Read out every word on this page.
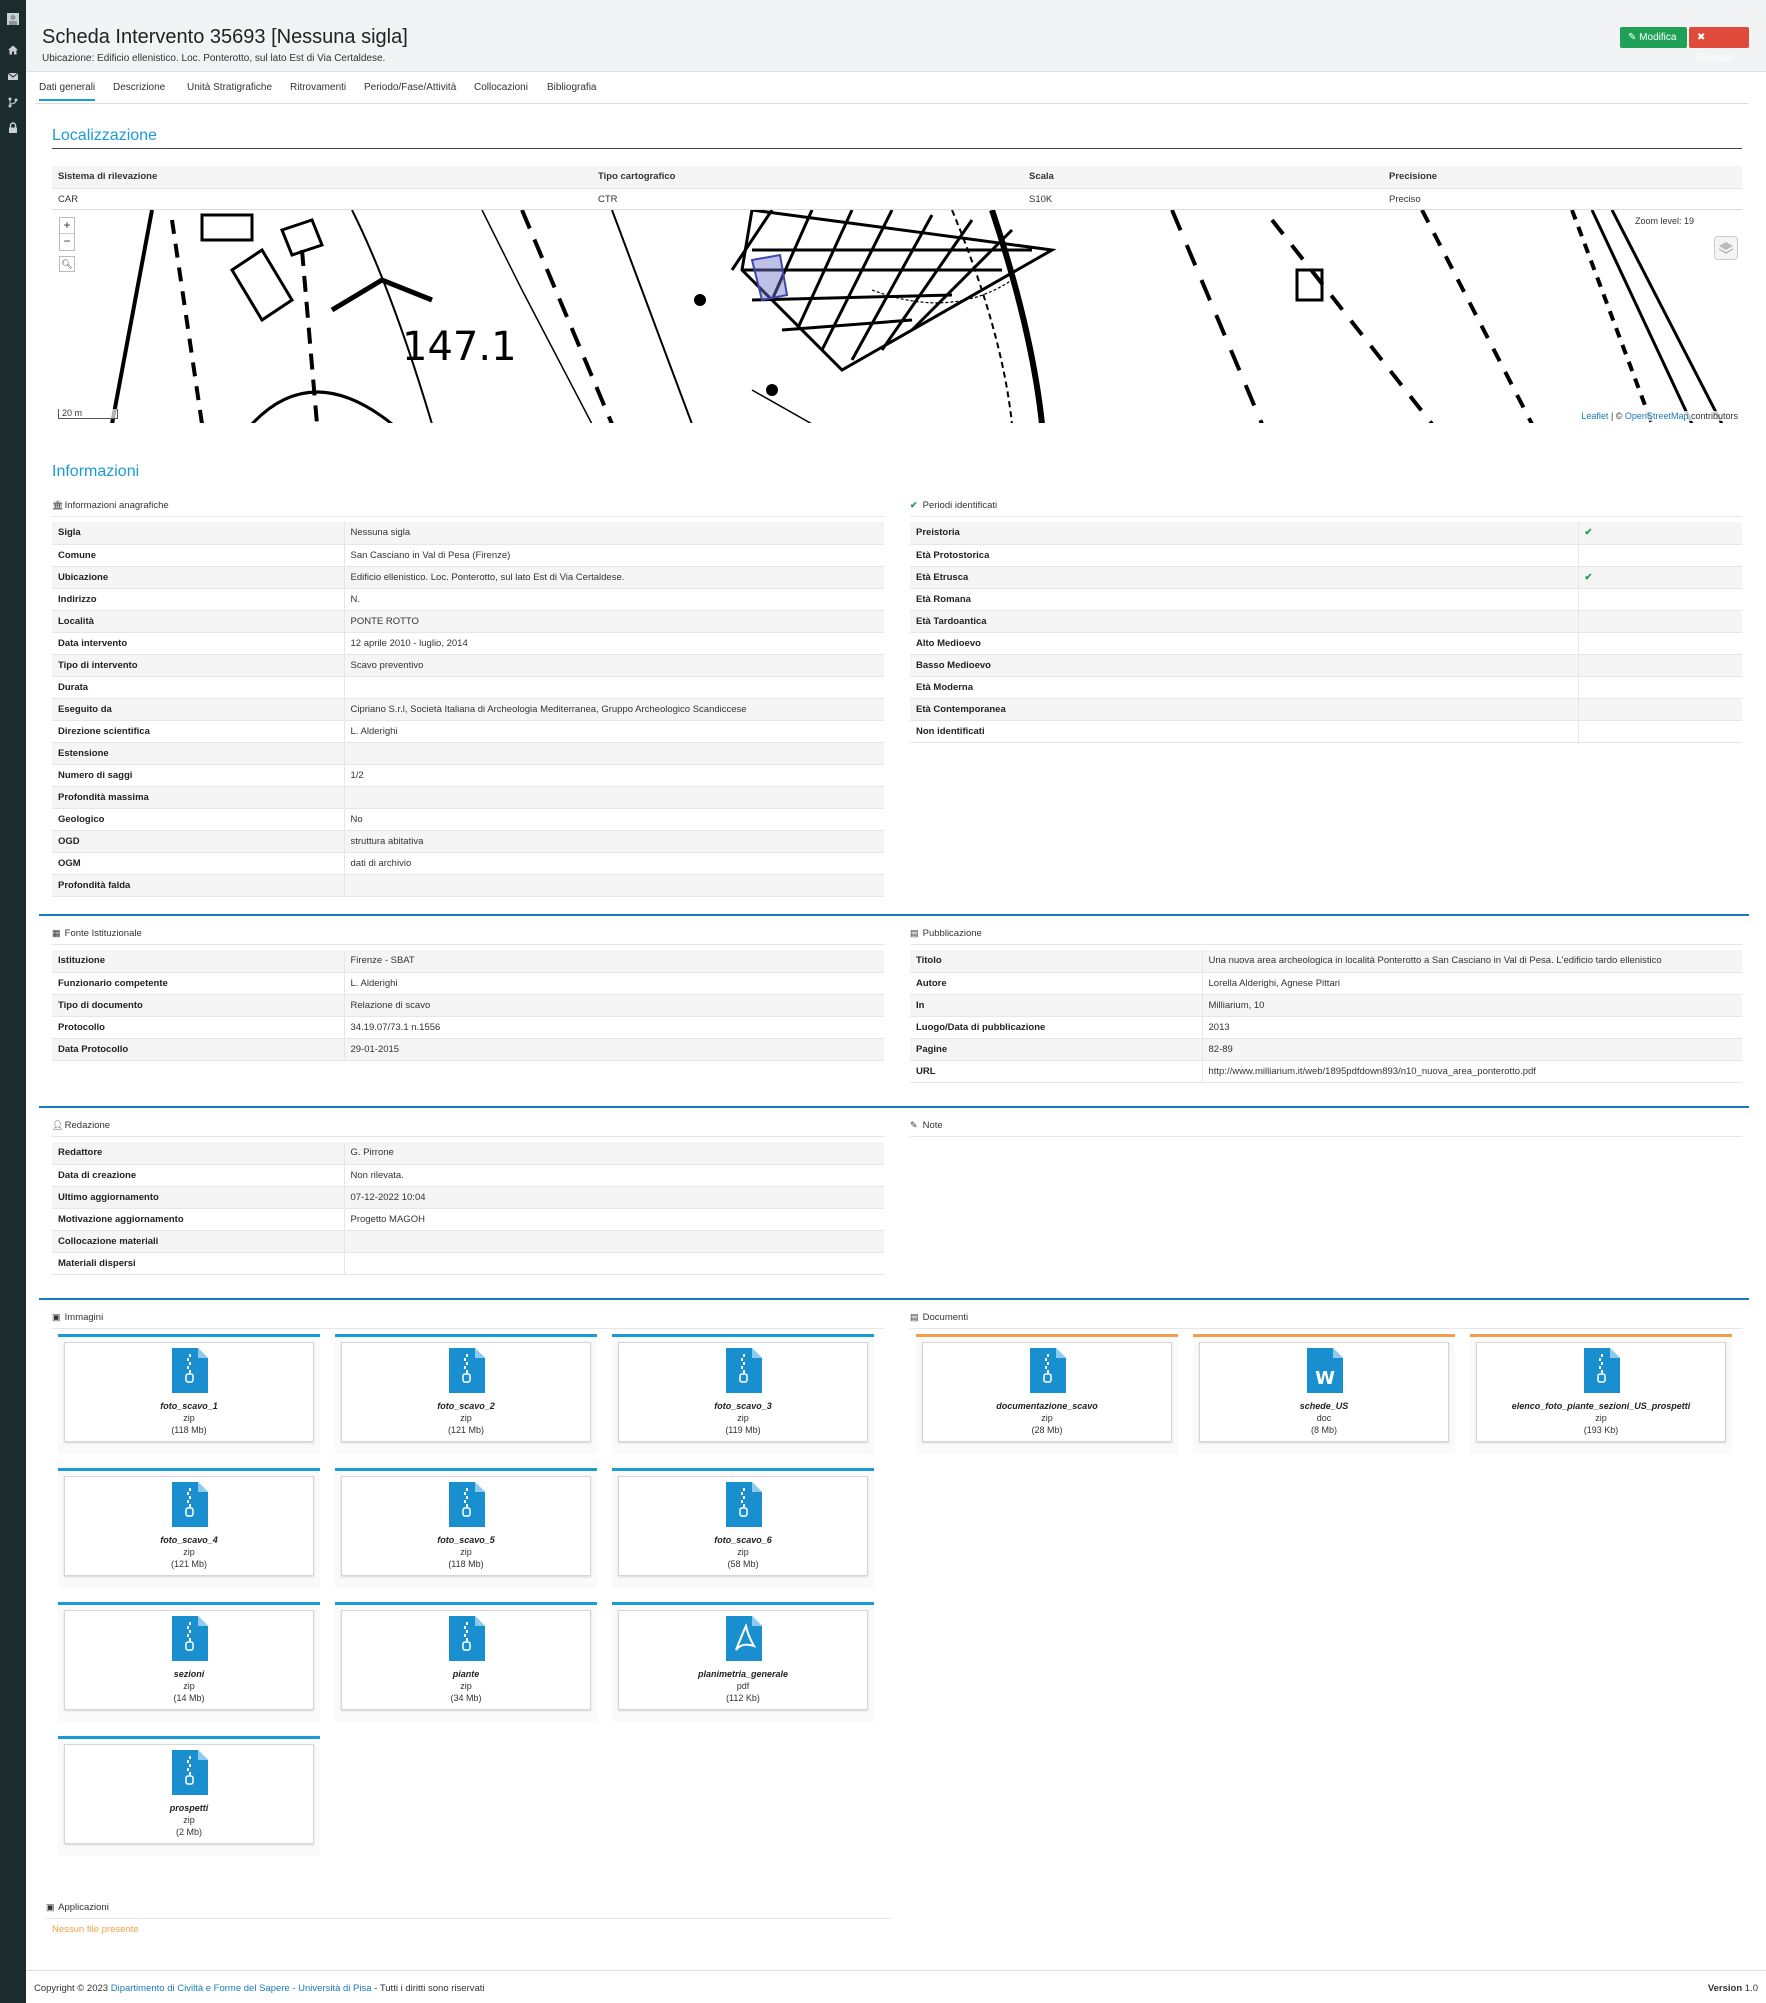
Scheda Intervento 35693 [Nessuna sigla]
Ubicazione: Edificio ellenistico. Loc. Ponterotto, sul lato Est di Via Certaldese.
✎ Modifica	✖ Rimuovi
Dati generali Descrizione Unità Stratigrafiche Ritrovamenti Periodo/Fase/Attività Collocazioni Bibliografia
Localizzazione
Sistema di rilevazione	Tipo cartografico	Scala	Precisione
CAR	CTR	S10K	Preciso
147.1
+
−
🔍︎
Zoom level: 19
20 m	Leaflet | © OpenStreetMap contributors
Informazioni
🏛︎ Informazioni anagrafiche
Sigla	Nessuna sigla
Comune	San Casciano in Val di Pesa (Firenze)
Ubicazione	Edificio ellenistico. Loc. Ponterotto, sul lato Est di Via Certaldese.
Indirizzo	N.
Località	PONTE ROTTO
Data intervento	12 aprile 2010 - luglio, 2014
Tipo di intervento	Scavo preventivo
Durata	
Eseguito da	Cipriano S.r.l, Società Italiana di Archeologia Mediterranea, Gruppo Archeologico Scandiccese
Direzione scientifica	L. Alderighi
Estensione	
Numero di saggi	1/2
Profondità massima	
Geologico	No
OGD	struttura abitativa
OGM	dati di archivio
Profondità falda	
✔ Periodi identificati
Preistoria	✔
Età Protostorica	
Età Etrusca	✔
Età Romana	
Età Tardoantica	
Alto Medioevo	
Basso Medioevo	
Età Moderna	
Età Contemporanea	
Non identificati	
▦ Fonte Istituzionale
Istituzione	Firenze - SBAT
Funzionario competente	L. Alderighi
Tipo di documento	Relazione di scavo
Protocollo	34.19.07/73.1 n.1556
Data Protocollo	29-01-2015
▤ Pubblicazione
Titolo	Una nuova area archeologica in località Ponterotto a San Casciano in Val di Pesa. L'edificio tardo ellenistico
Autore	Lorella Alderighi, Agnese Pittari
In	Milliarium, 10
Luogo/Data di pubblicazione	2013
Pagine	82-89
URL	http://www.milliarium.it/web/1895pdfdown893/n10_nuova_area_ponterotto.pdf
👤︎ Redazione
Redattore	G. Pirrone
Data di creazione	Non rilevata.
Ultimo aggiornamento	07-12-2022 10:04
Motivazione aggiornamento	Progetto MAGOH
Collocazione materiali	
Materiali dispersi	
✎ Note
▣ Immagini
foto_scavo_1
zip
(118 Mb)
foto_scavo_2
zip
(121 Mb)
foto_scavo_3
zip
(119 Mb)
foto_scavo_4
zip
(121 Mb)
foto_scavo_5
zip
(118 Mb)
foto_scavo_6
zip
(58 Mb)
sezioni
zip
(14 Mb)
piante
zip
(34 Mb)
planimetria_generale
pdf
(112 Kb)
prospetti
zip
(2 Mb)
▤ Documenti
documentazione_scavo
zip
(28 Mb)
W
schede_US
doc
(8 Mb)
elenco_foto_piante_sezioni_US_prospetti
zip
(193 Kb)
▣ Applicazioni
Nessun file presente
Copyright © 2023 Dipartimento di Civiltà e Forme del Sapere - Università di Pisa - Tutti i diritti sono riservati	Version 1.0
